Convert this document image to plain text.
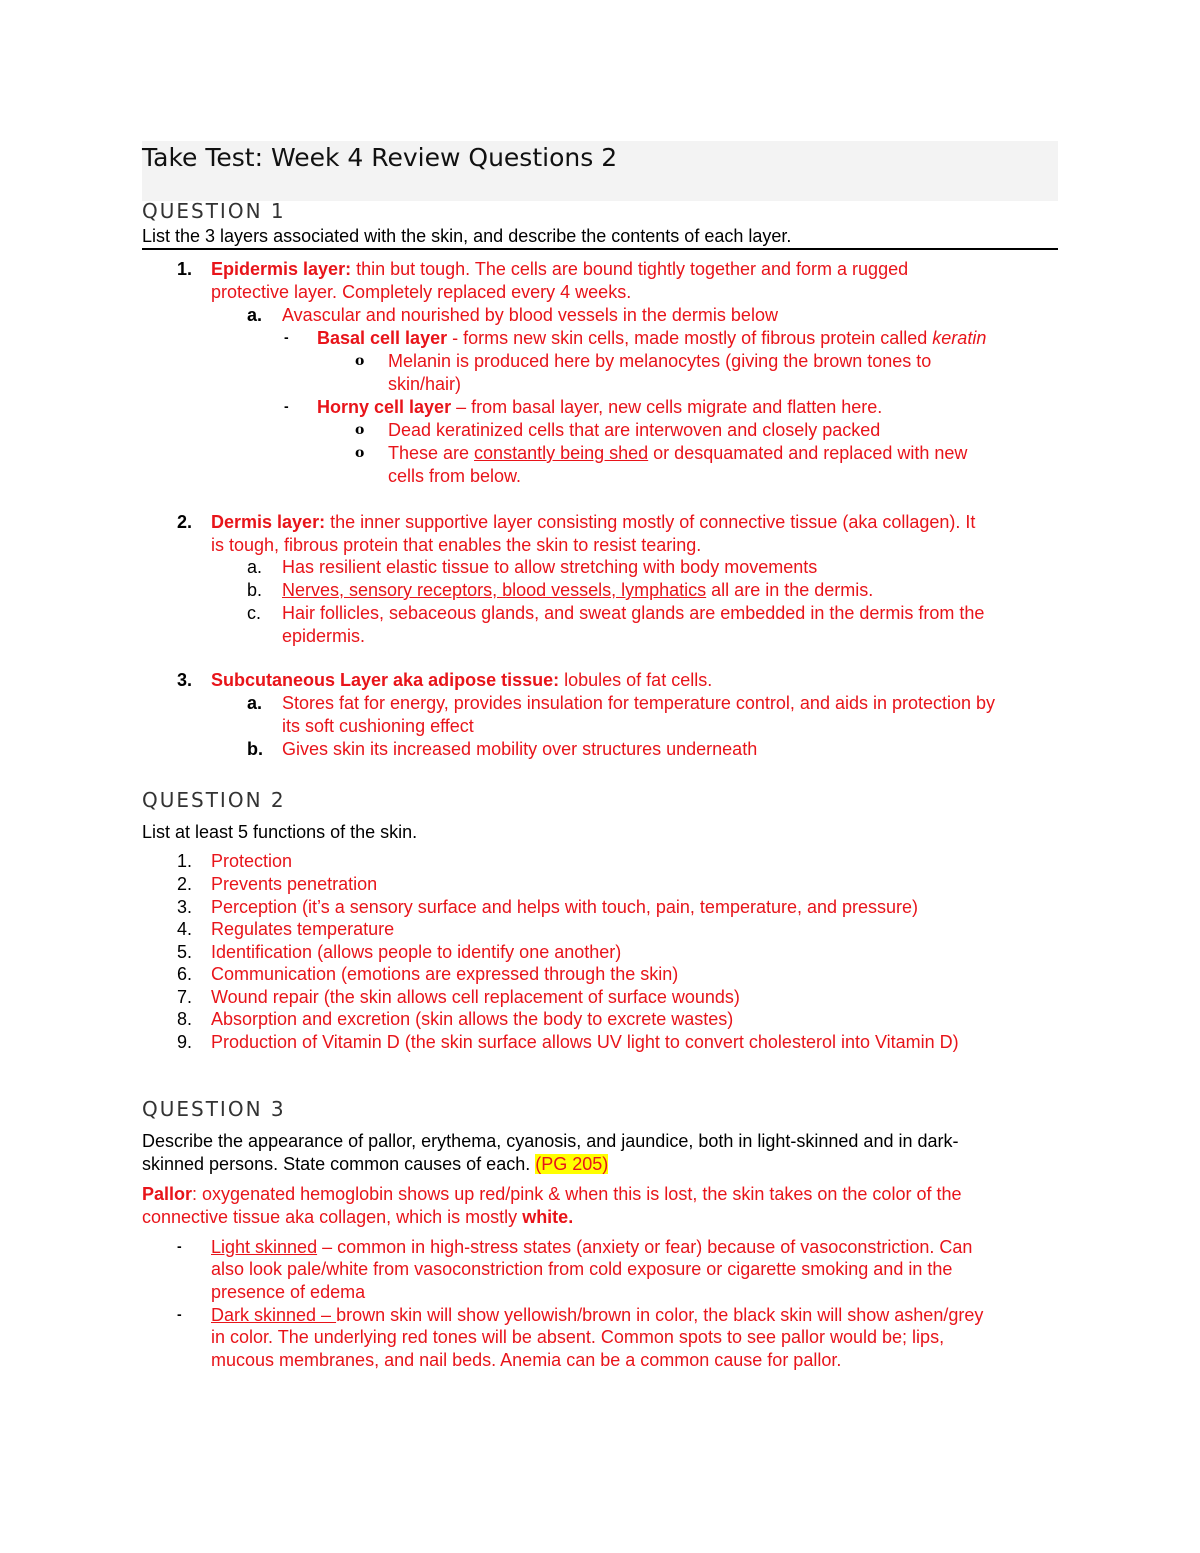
Take Test: Week 4 Review Questions 2
QUESTION 1
List the 3 layers associated with the skin, and describe the contents of each layer.
1. Epidermis layer: thin but tough. The cells are bound tightly together and form a rugged
protective layer. Completely replaced every 4 weeks.
a. Avascular and nourished by blood vessels in the dermis below
- Basal cell layer - forms new skin cells, made mostly of fibrous protein called keratin
o Melanin is produced here by melanocytes (giving the brown tones to
skin/hair)
- Horny cell layer – from basal layer, new cells migrate and flatten here.
o Dead keratinized cells that are interwoven and closely packed
o These are constantly being shed or desquamated and replaced with new
cells from below.
2. Dermis layer: the inner supportive layer consisting mostly of connective tissue (aka collagen). It
is tough, fibrous protein that enables the skin to resist tearing.
a. Has resilient elastic tissue to allow stretching with body movements
b. Nerves, sensory receptors, blood vessels, lymphatics all are in the dermis.
c. Hair follicles, sebaceous glands, and sweat glands are embedded in the dermis from the
epidermis.
3. Subcutaneous Layer aka adipose tissue: lobules of fat cells.
a. Stores fat for energy, provides insulation for temperature control, and aids in protection by
its soft cushioning effect
b. Gives skin its increased mobility over structures underneath
QUESTION 2
List at least 5 functions of the skin.
1. Protection
2. Prevents penetration
3. Perception (it’s a sensory surface and helps with touch, pain, temperature, and pressure)
4. Regulates temperature
5. Identification (allows people to identify one another)
6. Communication (emotions are expressed through the skin)
7. Wound repair (the skin allows cell replacement of surface wounds)
8. Absorption and excretion (skin allows the body to excrete wastes)
9. Production of Vitamin D (the skin surface allows UV light to convert cholesterol into Vitamin D)
QUESTION 3
Describe the appearance of pallor, erythema, cyanosis, and jaundice, both in light-skinned and in dark-
skinned persons. State common causes of each. (PG 205)
Pallor: oxygenated hemoglobin shows up red/pink & when this is lost, the skin takes on the color of the
connective tissue aka collagen, which is mostly white.
- Light skinned – common in high-stress states (anxiety or fear) because of vasoconstriction. Can
also look pale/white from vasoconstriction from cold exposure or cigarette smoking and in the
presence of edema
- Dark skinned – brown skin will show yellowish/brown in color, the black skin will show ashen/grey
in color. The underlying red tones will be absent. Common spots to see pallor would be; lips,
mucous membranes, and nail beds. Anemia can be a common cause for pallor.
